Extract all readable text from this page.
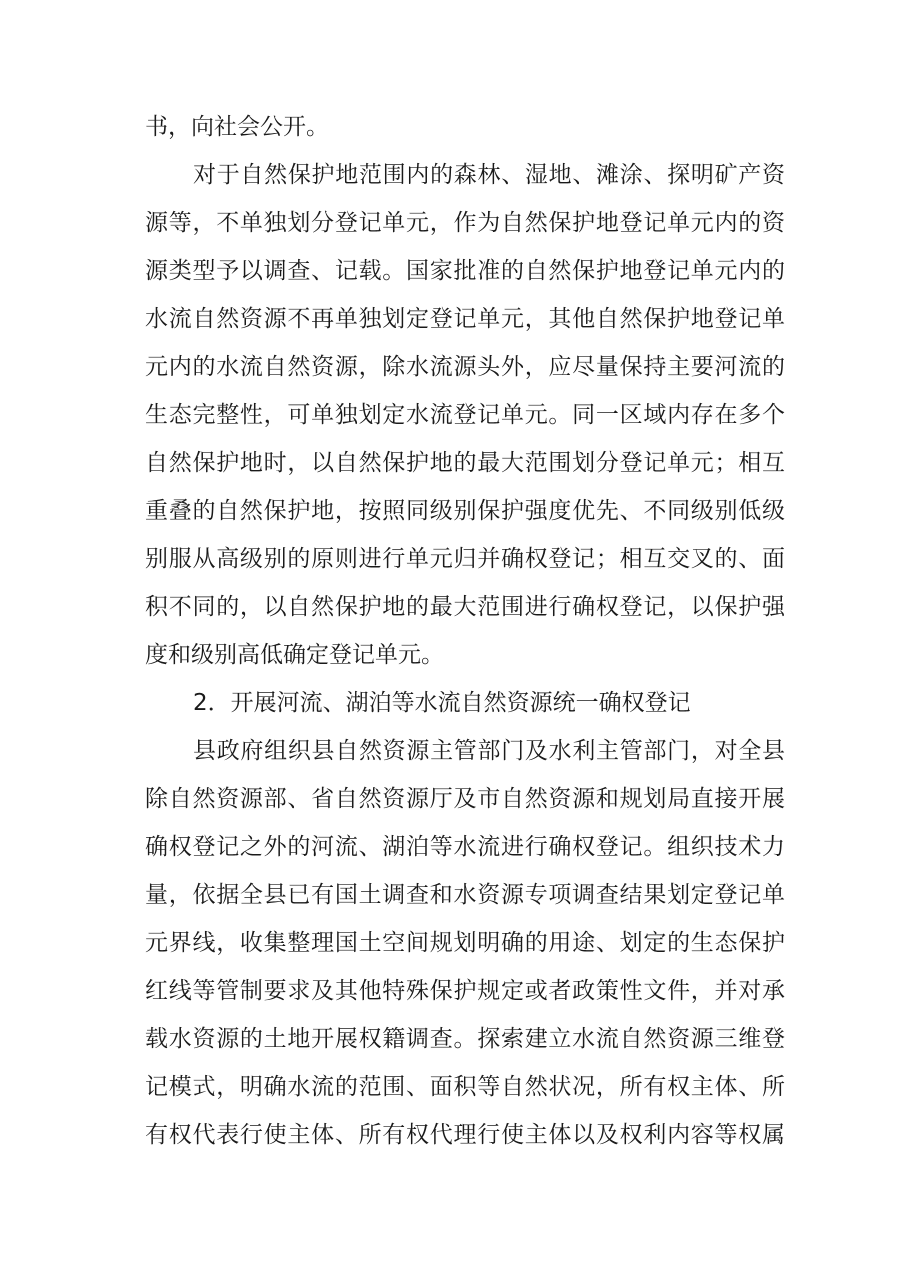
书，向社会公开。
对于自然保护地范围内的森林、湿地、滩涂、探明矿产资
源等，不单独划分登记单元，作为自然保护地登记单元内的资
源类型予以调查、记载。国家批准的自然保护地登记单元内的
水流自然资源不再单独划定登记单元，其他自然保护地登记单
元内的水流自然资源，除水流源头外，应尽量保持主要河流的
生态完整性，可单独划定水流登记单元。同一区域内存在多个
自然保护地时，以自然保护地的最大范围划分登记单元；相互
重叠的自然保护地，按照同级别保护强度优先、不同级别低级
别服从高级别的原则进行单元归并确权登记；相互交叉的、面
积不同的，以自然保护地的最大范围进行确权登记，以保护强
度和级别高低确定登记单元。
2．开展河流、湖泊等水流自然资源统一确权登记
县政府组织县自然资源主管部门及水利主管部门，对全县
除自然资源部、省自然资源厅及市自然资源和规划局直接开展
确权登记之外的河流、湖泊等水流进行确权登记。组织技术力
量，依据全县已有国土调查和水资源专项调查结果划定登记单
元界线，收集整理国土空间规划明确的用途、划定的生态保护
红线等管制要求及其他特殊保护规定或者政策性文件，并对承
载水资源的土地开展权籍调查。探索建立水流自然资源三维登
记模式，明确水流的范围、面积等自然状况，所有权主体、所
有权代表行使主体、所有权代理行使主体以及权利内容等权属
